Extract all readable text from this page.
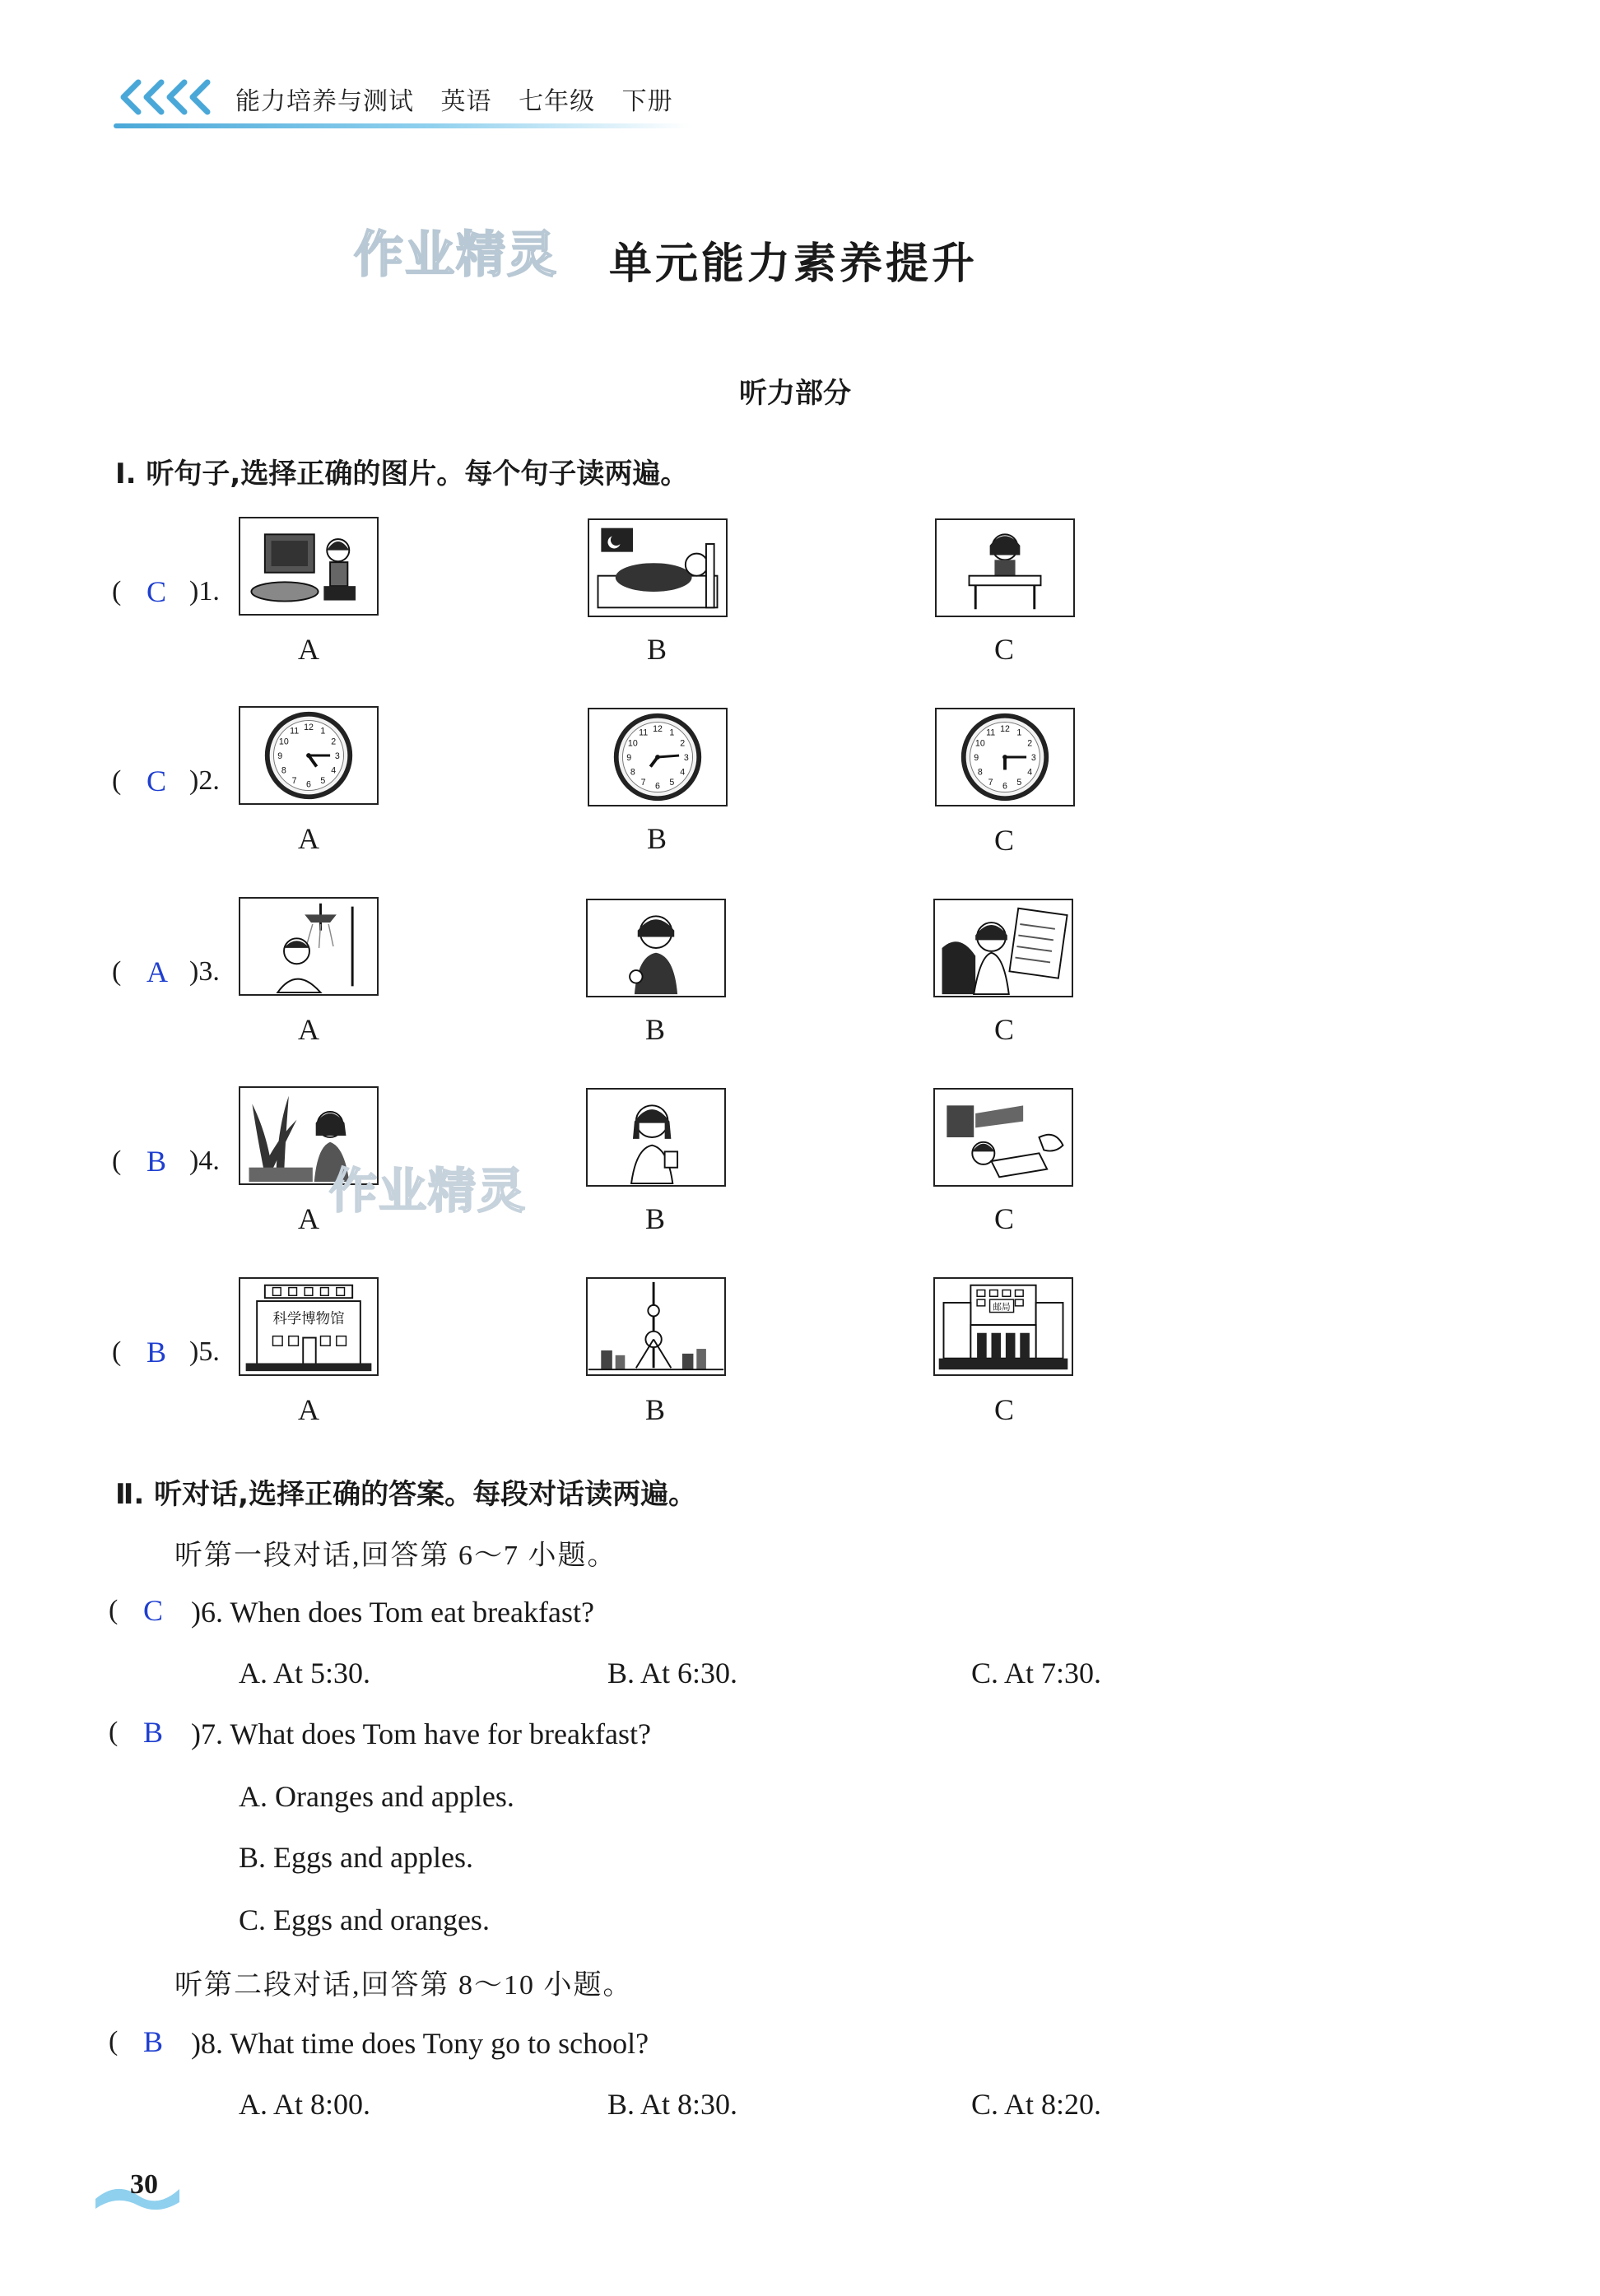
能力培养与测试 英语 七年级 下册
作业精灵 单元能力素养提升
听力部分
Ⅰ. 听句子,选择正确的图片。每个句子读两遍。
( C )1.
A	B	C
( C )2.
12 1
2
3
4
5
6
7
8
9
10
11
A
12 1
2
3
4
5
6
7
8
9
10
11
B
12 1
2
3
4
5
6
7
8
9
10
11
C
( A )3.
A	B	C
( B )4.
A	B	C
作业精灵
( B )5.
科学博物馆
A	B
邮局
C
Ⅱ. 听对话,选择正确的答案。每段对话读两遍。
听第一段对话,回答第 6～7 小题。
( C )6. When does Tom eat breakfast?
A. At 5:30.	B. At 6:30.	C. At 7:30.
( B )7. What does Tom have for breakfast?
A. Oranges and apples.
B. Eggs and apples.
C. Eggs and oranges.
听第二段对话,回答第 8～10 小题。
( B )8. What time does Tony go to school?
A. At 8:00.	B. At 8:30.	C. At 8:20.
30
